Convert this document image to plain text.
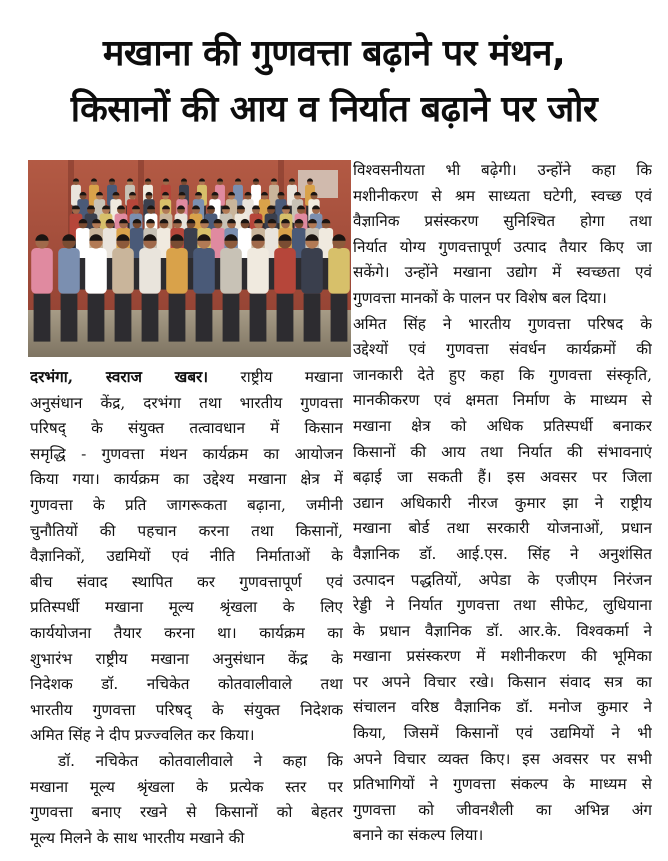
मखाना की गुणवत्ता बढ़ाने पर मंथन,
किसानों की आय व निर्यात बढ़ाने पर जोर
दरभंगा, स्वराज खबर। राष्ट्रीय मखाना
अनुसंधान केंद्र, दरभंगा तथा भारतीय गुणवत्ता
परिषद् के संयुक्त तत्वावधान में किसान
समृद्धि - गुणवत्ता मंथन कार्यक्रम का आयोजन
किया गया। कार्यक्रम का उद्देश्य मखाना क्षेत्र में
गुणवत्ता के प्रति जागरूकता बढ़ाना, जमीनी
चुनौतियों की पहचान करना तथा किसानों,
वैज्ञानिकों, उद्यमियों एवं नीति निर्माताओं के
बीच संवाद स्थापित कर गुणवत्तापूर्ण एवं
प्रतिस्पर्धी मखाना मूल्य श्रृंखला के लिए
कार्ययोजना तैयार करना था। कार्यक्रम का
शुभारंभ राष्ट्रीय मखाना अनुसंधान केंद्र के
निदेशक डॉ. नचिकेत कोतवालीवाले तथा
भारतीय गुणवत्ता परिषद् के संयुक्त निदेशक
अमित सिंह ने दीप प्रज्ज्वलित कर किया।
डॉ. नचिकेत कोतवालीवाले ने कहा कि
मखाना मूल्य श्रृंखला के प्रत्येक स्तर पर
गुणवत्ता बनाए रखने से किसानों को बेहतर
मूल्य मिलने के साथ भारतीय मखाने की
विश्वसनीयता भी बढ़ेगी। उन्होंने कहा कि
मशीनीकरण से श्रम साध्यता घटेगी, स्वच्छ एवं
वैज्ञानिक प्रसंस्करण सुनिश्चित होगा तथा
निर्यात योग्य गुणवत्तापूर्ण उत्पाद तैयार किए जा
सकेंगे। उन्होंने मखाना उद्योग में स्वच्छता एवं
गुणवत्ता मानकों के पालन पर विशेष बल दिया।
अमित सिंह ने भारतीय गुणवत्ता परिषद के
उद्देश्यों एवं गुणवत्ता संवर्धन कार्यक्रमों की
जानकारी देते हुए कहा कि गुणवत्ता संस्कृति,
मानकीकरण एवं क्षमता निर्माण के माध्यम से
मखाना क्षेत्र को अधिक प्रतिस्पर्धी बनाकर
किसानों की आय तथा निर्यात की संभावनाएं
बढ़ाई जा सकती हैं। इस अवसर पर जिला
उद्यान अधिकारी नीरज कुमार झा ने राष्ट्रीय
मखाना बोर्ड तथा सरकारी योजनाओं, प्रधान
वैज्ञानिक डॉ. आई.एस. सिंह ने अनुशंसित
उत्पादन पद्धतियों, अपेडा के एजीएम निरंजन
रेड्डी ने निर्यात गुणवत्ता तथा सीफेट, लुधियाना
के प्रधान वैज्ञानिक डॉ. आर.के. विश्वकर्मा ने
मखाना प्रसंस्करण में मशीनीकरण की भूमिका
पर अपने विचार रखे। किसान संवाद सत्र का
संचालन वरिष्ठ वैज्ञानिक डॉ. मनोज कुमार ने
किया, जिसमें किसानों एवं उद्यमियों ने भी
अपने विचार व्यक्त किए। इस अवसर पर सभी
प्रतिभागियों ने गुणवत्ता संकल्प के माध्यम से
गुणवत्ता को जीवनशैली का अभिन्न अंग
बनाने का संकल्प लिया।
